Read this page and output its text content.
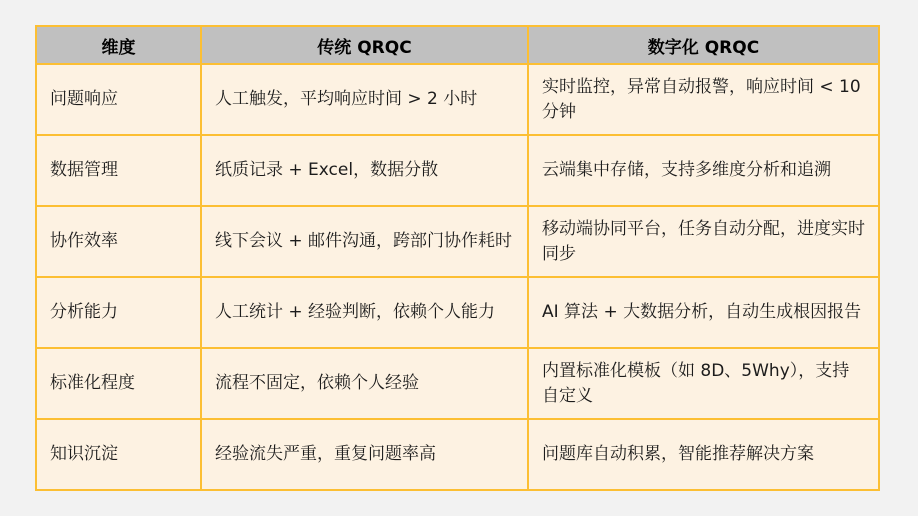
维度	传统 QRQC	数字化 QRQC
问题响应	人工触发，平均响应时间 > 2 小时	实时监控，异常自动报警，响应时间 < 10 分钟
数据管理	纸质记录 + Excel，数据分散	云端集中存储，支持多维度分析和追溯
协作效率	线下会议 + 邮件沟通，跨部门协作耗时	移动端协同平台，任务自动分配，进度实时同步
分析能力	人工统计 + 经验判断，依赖个人能力	AI 算法 + 大数据分析，自动生成根因报告
标准化程度	流程不固定，依赖个人经验	内置标准化模板（如 8D、5Why），支持自定义
知识沉淀	经验流失严重，重复问题率高	问题库自动积累，智能推荐解决方案
